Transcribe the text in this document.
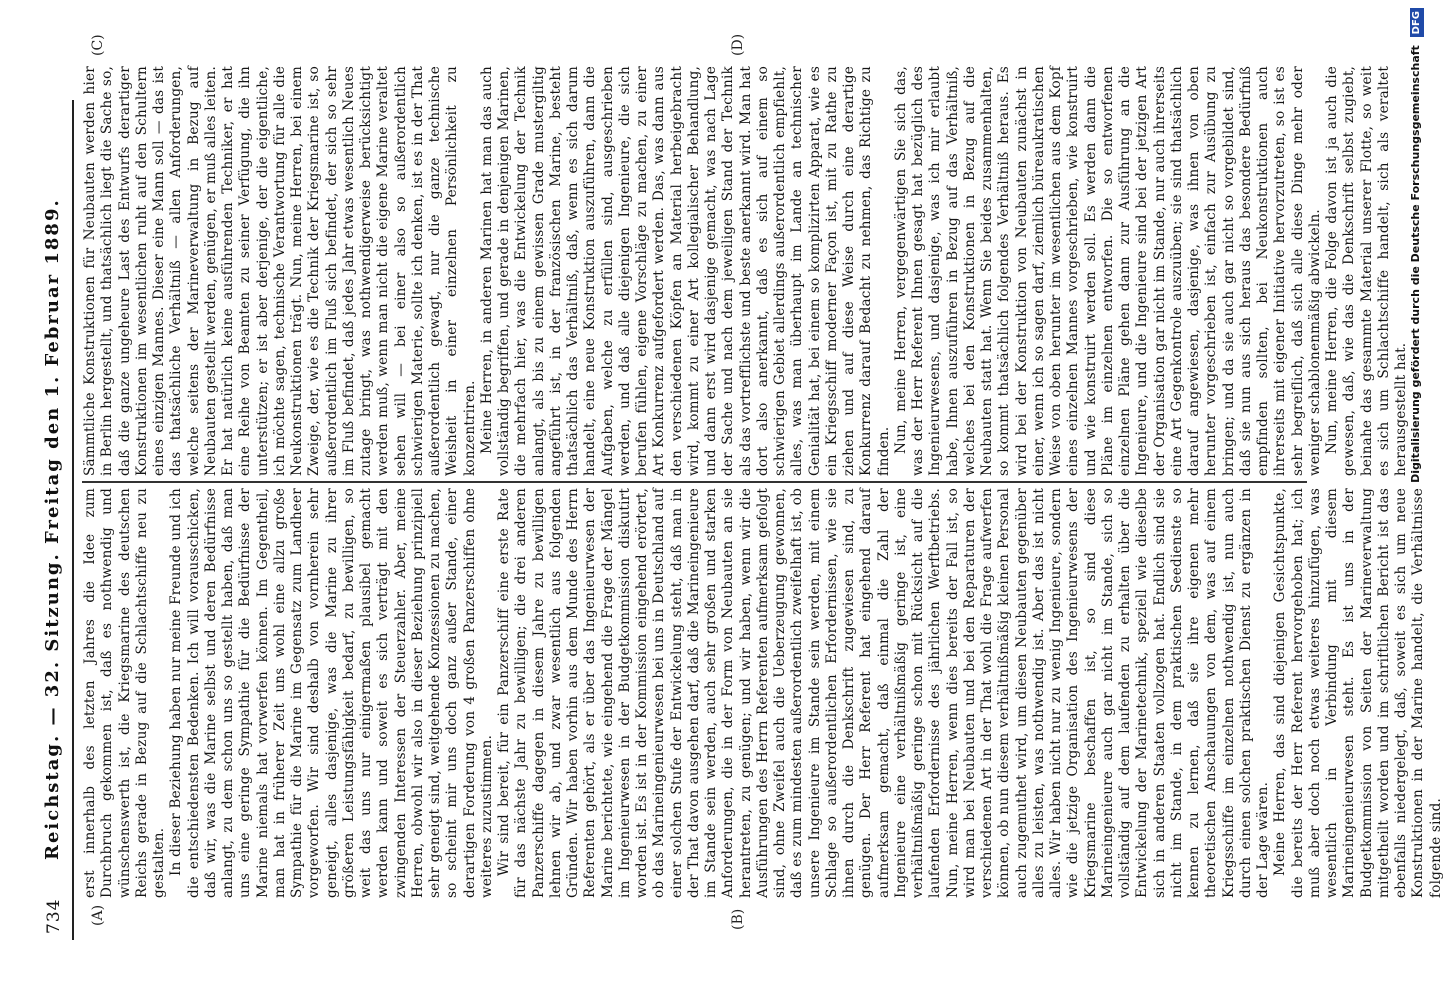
734
Reichstag. — 32. Sitzung. Freitag den 1. Februar 1889.
(A)	(B)
(C)	(D)

erst innerhalb des letzten Jahres die Idee zum Durchbruch gekommen ist, daß es nothwendig und wünschenswerth ist, die Kriegsmarine des deutschen Reichs gerade in Bezug auf die Schlachtschiffe neu zu gestalten. In dieser Beziehung haben nur meine Freunde und ich die entschiedensten Bedenken. Ich will vorausschicken, daß wir, was die Marine selbst und deren Bedürfnisse anlangt, zu dem schon uns so gestellt haben, daß man uns eine geringe Sympathie für die Bedürfnisse der Marine niemals hat vorwerfen können. Im Gegentheil, man hat in früherer Zeit uns wohl eine allzu große Sympathie für die Marine im Gegensatz zum Landheer vorgeworfen. Wir sind deshalb von vornherein sehr geneigt, alles dasjenige, was die Marine zu ihrer größeren Leistungsfähigkeit bedarf, zu bewilligen, so weit das uns nur einigermaßen plausibel gemacht werden kann und soweit es sich verträgt mit den zwingenden Interessen der Steuerzahler. Aber, meine Herren, obwohl wir also in dieser Beziehung prinzipiell sehr geneigt sind, weitgehende Konzessionen zu machen, so scheint mir uns doch ganz außer Stande, einer derartigen Forderung von 4 großen Panzerschiffen ohne weiteres zuzustimmen. Wir sind bereit, für ein Panzerschiff eine erste Rate für das nächste Jahr zu bewilligen; die drei anderen Panzerschiffe dagegen in diesem Jahre zu bewilligen lehnen wir ab, und zwar wesentlich aus folgenden Gründen. Wir haben vorhin aus dem Munde des Herrn Referenten gehört, als er über das Ingenieurwesen der Marine berichtete, wie eingehend die Frage der Mängel im Ingenieurwesen in der Budgetkommission diskutirt worden ist. Es ist in der Kommission eingehend erörtert, ob das Marineingenieurwesen bei uns in Deutschland auf einer solchen Stufe der Entwickelung steht, daß man in der That davon ausgehen darf, daß die Marineingenieure im Stande sein werden, auch sehr großen und starken Anforderungen, die in der Form von Neubauten an sie herantreten, zu genügen; und wir haben, wenn wir die Ausführungen des Herrn Referenten aufmerksam gefolgt sind, ohne Zweifel auch die Ueberzeugung gewonnen, daß es zum mindesten außerordentlich zweifelhaft ist, ob unsere Ingenieure im Stande sein werden, mit einem Schlage so außerordentlichen Erfordernissen, wie sie ihnen durch die Denkschrift zugewiesen sind, zu genügen. Der Herr Referent hat eingehend darauf aufmerksam gemacht, daß einmal die Zahl der Ingenieure eine verhältnißmäßig geringe ist, eine verhältnißmäßig geringe schon mit Rücksicht auf die laufenden Erfordernisse des jährlichen Werftbetriebs. Nun, meine Herren, wenn dies bereits der Fall ist, so wird man bei Neubauten und bei den Reparaturen der verschiedenen Art in der That wohl die Frage aufwerfen können, ob nun diesem verhältnißmäßig kleinen Personal auch zugemuthet wird, um diesen Neubauten gegenüber alles zu leisten, was nothwendig ist. Aber das ist nicht alles. Wir haben nicht nur zu wenig Ingenieure, sondern wie die jetzige Organisation des Ingenieurwesens der Kriegsmarine beschaffen ist, so sind diese Marineingenieure auch gar nicht im Stande, sich so vollständig auf dem laufenden zu erhalten über die Entwickelung der Marinetechnik, speziell wie dieselbe sich in anderen Staaten vollzogen hat. Endlich sind sie nicht im Stande, in dem praktischen Seedienste so kennen zu lernen, daß sie ihre eigenen mehr theoretischen Anschauungen von dem, was auf einem Kriegsschiffe im einzelnen nothwendig ist, nun auch durch einen solchen praktischen Dienst zu ergänzen in der Lage wären. Meine Herren, das sind diejenigen Gesichtspunkte, die bereits der Herr Referent hervorgehoben hat; ich muß aber doch noch etwas weiteres hinzufügen, was wesentlich in Verbindung mit diesem Marineingenieurwesen steht. Es ist uns in der Budgetkommission von Seiten der Marineverwaltung mitgetheilt worden und im schriftlichen Bericht ist das ebenfalls niedergelegt, daß, soweit es sich um neue Konstruktionen in der Marine handelt, die Verhältnisse folgende sind.

Sämmtliche Konstruktionen für Neubauten werden hier in Berlin hergestellt, und thatsächlich liegt die Sache so, daß die ganze ungeheure Last des Entwurfs derartiger Konstruktionen im wesentlichen ruht auf den Schultern eines einzigen Mannes. Dieser eine Mann soll — das ist das thatsächliche Verhältniß — allen Anforderungen, welche seitens der Marineverwaltung in Bezug auf Neubauten gestellt werden, genügen, er muß alles leiten. Er hat natürlich keine ausführenden Techniker, er hat eine Reihe von Beamten zu seiner Verfügung, die ihn unterstützen; er ist aber derjenige, der die eigentliche, ich möchte sagen, technische Verantwortung für alle die Neukonstruktionen trägt. Nun, meine Herren, bei einem Zweige, der, wie es die Technik der Kriegsmarine ist, so außerordentlich im Fluß sich befindet, der sich so sehr im Fluß befindet, daß jedes Jahr etwas wesentlich Neues zutage bringt, was nothwendigerweise berücksichtigt werden muß, wenn man nicht die eigene Marine veraltet sehen will — bei einer also so außerordentlich schwierigen Materie, sollte ich denken, ist es in der That außerordentlich gewagt, nur die ganze technische Weisheit in einer einzelnen Persönlichkeit zu konzentriren. Meine Herren, in anderen Marinen hat man das auch vollständig begriffen, und gerade in denjenigen Marinen, die mehrfach hier, was die Entwickelung der Technik anlangt, als bis zu einem gewissen Grade mustergiltig angeführt ist, in der französischen Marine, besteht thatsächlich das Verhältniß, daß, wenn es sich darum handelt, eine neue Konstruktion auszuführen, dann die Aufgaben, welche zu erfüllen sind, ausgeschrieben werden, und daß alle diejenigen Ingenieure, die sich berufen fühlen, eigene Vorschläge zu machen, zu einer Art Konkurrenz aufgefordert werden. Das, was dann aus den verschiedenen Köpfen an Material herbeigebracht wird, kommt zu einer Art kollegialischer Behandlung, und dann erst wird dasjenige gemacht, was nach Lage der Sache und nach dem jeweiligen Stand der Technik als das vortrefflichste und beste anerkannt wird. Man hat dort also anerkannt, daß es sich auf einem so schwierigen Gebiet allerdings außerordentlich empfiehlt, alles, was man überhaupt im Lande an technischer Genialität hat, bei einem so komplizirten Apparat, wie es ein Kriegsschiff moderner Façon ist, mit zu Rathe zu ziehen und auf diese Weise durch eine derartige Konkurrenz darauf Bedacht zu nehmen, das Richtige zu finden. Nun, meine Herren, vergegenwärtigen Sie sich das, was der Herr Referent Ihnen gesagt hat bezüglich des Ingenieurwesens, und dasjenige, was ich mir erlaubt habe, Ihnen auszuführen in Bezug auf das Verhältniß, welches bei den Konstruktionen in Bezug auf die Neubauten statt hat. Wenn Sie beides zusammenhalten, so kommt thatsächlich folgendes Verhältniß heraus. Es wird bei der Konstruktion von Neubauten zunächst in einer, wenn ich so sagen darf, ziemlich büreaukratischen Weise von oben herunter im wesentlichen aus dem Kopf eines einzelnen Mannes vorgeschrieben, wie konstruirt und wie konstruirt werden soll. Es werden dann die Pläne im einzelnen entworfen. Die so entworfenen einzelnen Pläne gehen dann zur Ausführung an die Ingenieure, und die Ingenieure sind bei der jetzigen Art der Organisation gar nicht im Stande, nur auch ihrerseits eine Art Gegenkontrole auszuüben; sie sind thatsächlich darauf angewiesen, dasjenige, was ihnen von oben herunter vorgeschrieben ist, einfach zur Ausübung zu bringen; und da sie auch gar nicht so vorgebildet sind, daß sie nun aus sich heraus das besondere Bedürfniß empfinden sollten, bei Neukonstruktionen auch ihrerseits mit eigener Initiative hervorzutreten, so ist es sehr begreiflich, daß sich alle diese Dinge mehr oder weniger schablonenmäßig abwickeln. Nun, meine Herren, die Folge davon ist ja auch die gewesen, daß, wie das die Denkschrift selbst zugiebt, beinahe das gesammte Material unserer Flotte, so weit es sich um Schlachtschiffe handelt, sich als veraltet herausgestellt hat. Digitalisierung gefördert durch die Deutsche Forschungsgemeinschaft DFG
